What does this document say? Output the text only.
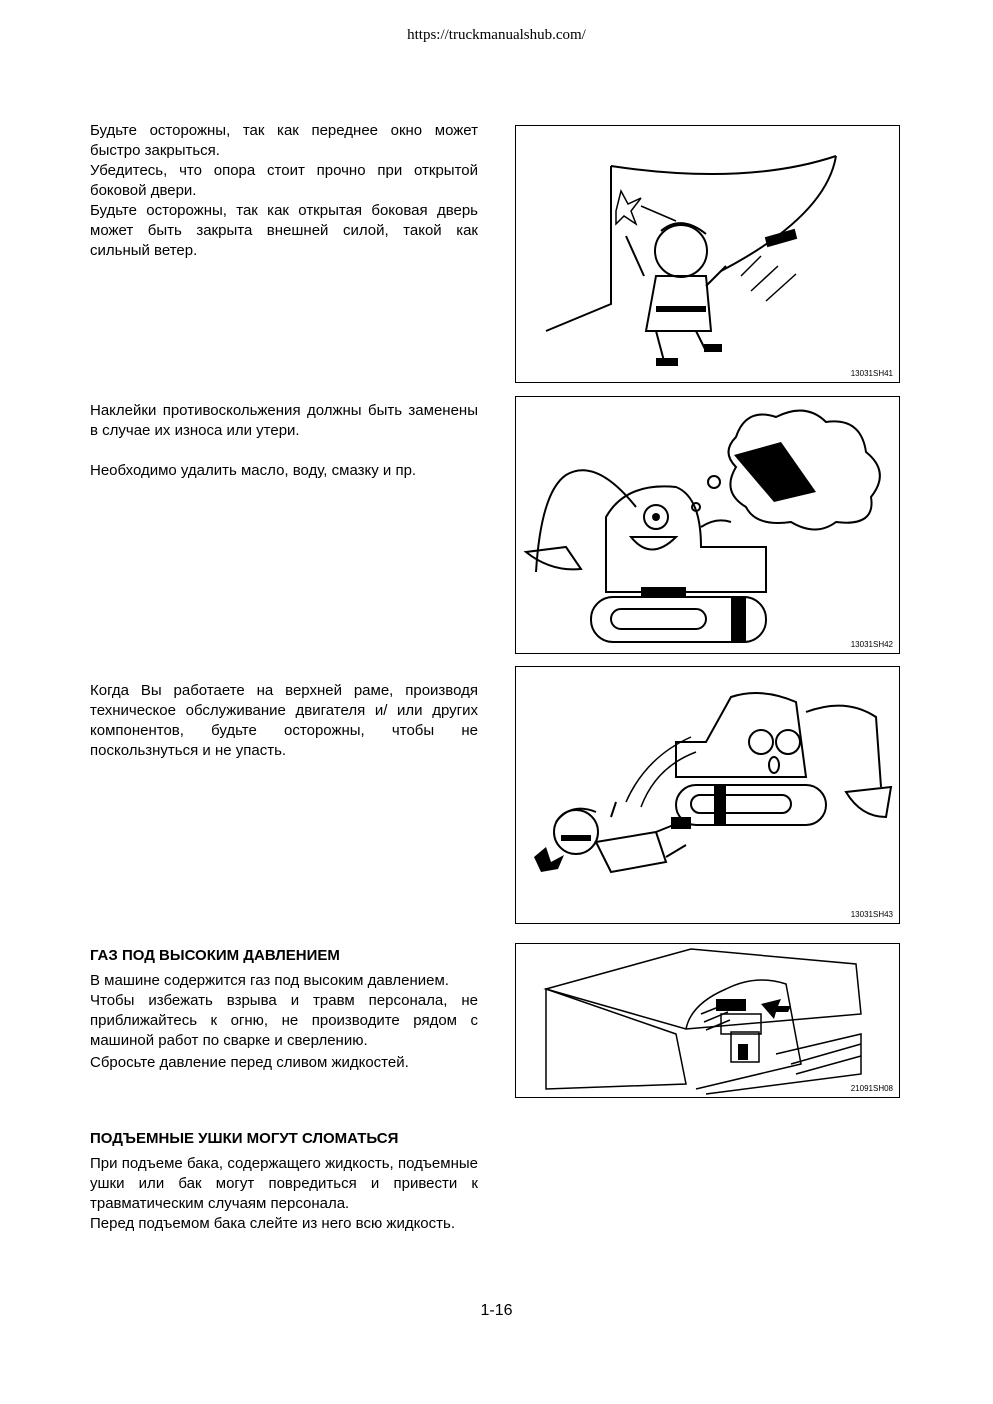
https://truckmanualshub.com/

Будьте осторожны, так как переднее окно может быстро закрыться.

Убедитесь, что опора стоит прочно при открытой боковой двери.

Будьте осторожны, так как открытая боковая дверь может быть закрыта внешней силой, такой как сильный ветер.

13031SH41

Наклейки противоскольжения должны быть заменены в случае их износа или утери.

Необходимо удалить масло, воду, смазку и пр.

13031SH42

Когда Вы работаете на верхней раме, производя техническое обслуживание двигателя и/ или других компонентов, будьте осторожны, чтобы не поскользнуться и не упасть.

13031SH43
ГАЗ ПОД ВЫСОКИМ ДАВЛЕНИЕМ

В машине содержится газ под высоким давлением.

Чтобы избежать взрыва и травм персонала, не приближайтесь к огню, не производите рядом с машиной работ по сварке и сверлению.

Сбросьте давление перед сливом жидкостей.

21091SH08
ПОДЪЕМНЫЕ УШКИ МОГУТ СЛОМАТЬСЯ

При подъеме бака, содержащего жидкость, подъемные ушки или бак могут повредиться и привести к травматическим случаям персонала.

Перед подъемом бака слейте из него всю жидкость.

1-16
